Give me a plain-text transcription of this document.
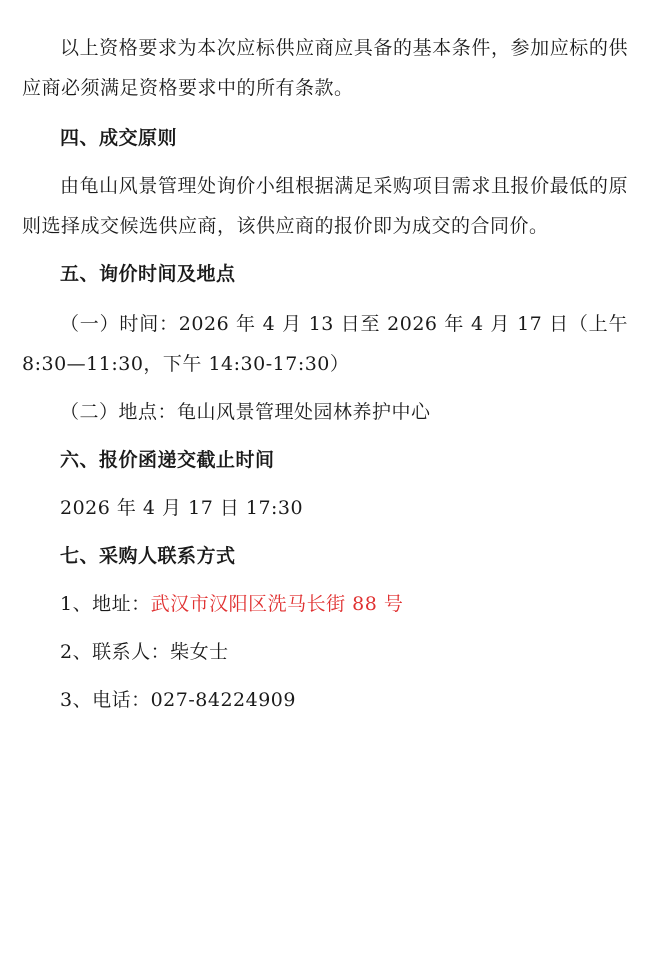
以上资格要求为本次应标供应商应具备的基本条件，参加应标的供应商必须满足资格要求中的所有条款。

四、成交原则

由龟山风景管理处询价小组根据满足采购项目需求且报价最低的原则选择成交候选供应商，该供应商的报价即为成交的合同价。

五、询价时间及地点

（一）时间：2026 年 4 月 13 日至 2026 年 4 月 17 日（上午 8:30—11:30，下午 14:30-17:30）

（二）地点：龟山风景管理处园林养护中心

六、报价函递交截止时间

2026 年 4 月 17 日 17:30

七、采购人联系方式

1、地址：武汉市汉阳区洗马长街 88 号

2、联系人：柴女士

3、电话：027-84224909
